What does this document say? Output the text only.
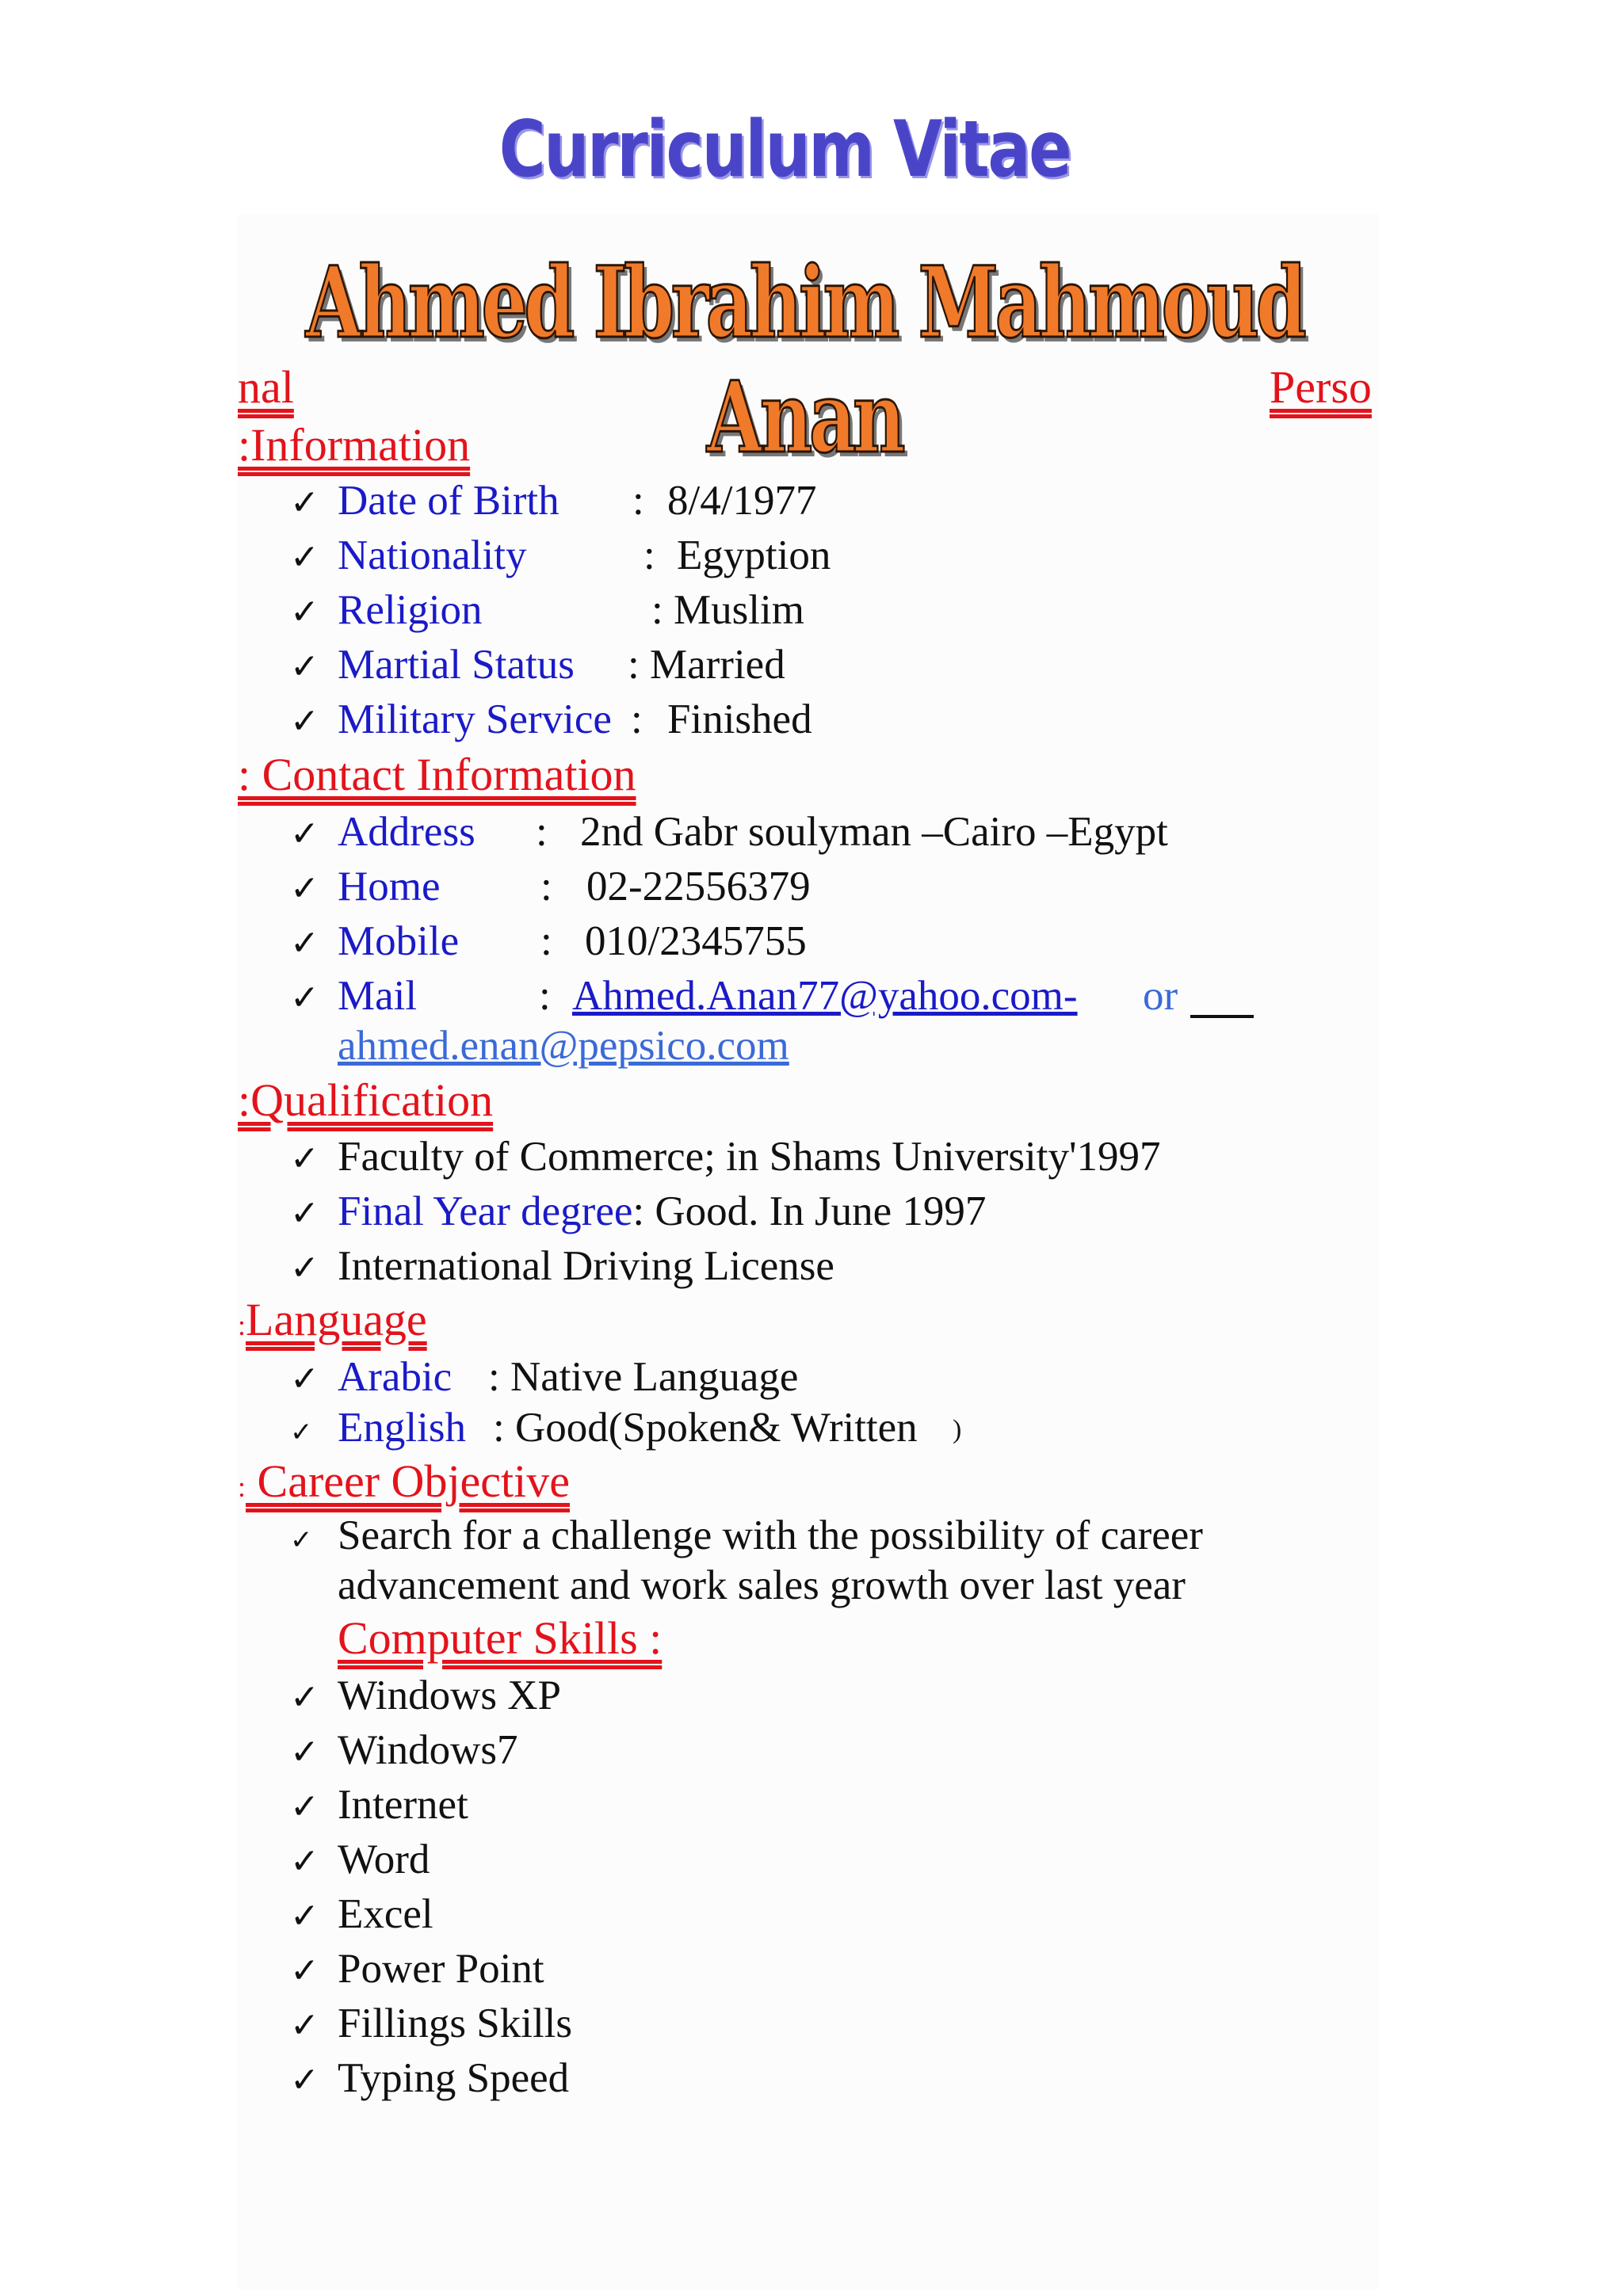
Curriculum Vitae
Ahmed Ibrahim Mahmoud Anan
nal	Perso
:Information
✓ Date of Birth : 8/4/1977
✓ Nationality	: Egyption
✓ Religion	: Muslim
✓ Martial Status : Married
✓ Military Service : Finished
: Contact Information
✓ Address : 2nd Gabr soulyman –Cairo –Egypt
✓ Home : 02-22556379
✓ Mobile : 010/2345755
✓ Mail	: Ahmed.Anan77@yahoo.com- or
ahmed.enan@pepsico.com
:Qualification
✓ Faculty of Commerce; in Shams University'1997
✓ Final Year degree: Good. In June 1997
✓ International Driving License
:Language
✓ Arabic : Native Language
✓ English : Good(Spoken& Written )
: Career Objective
✓ Search for a challenge with the possibility of career
advancement and work sales growth over last year
Computer Skills :
✓ Windows XP
✓ Windows7
✓ Internet
✓ Word
✓ Excel
✓ Power Point
✓ Fillings Skills
✓ Typing Speed
